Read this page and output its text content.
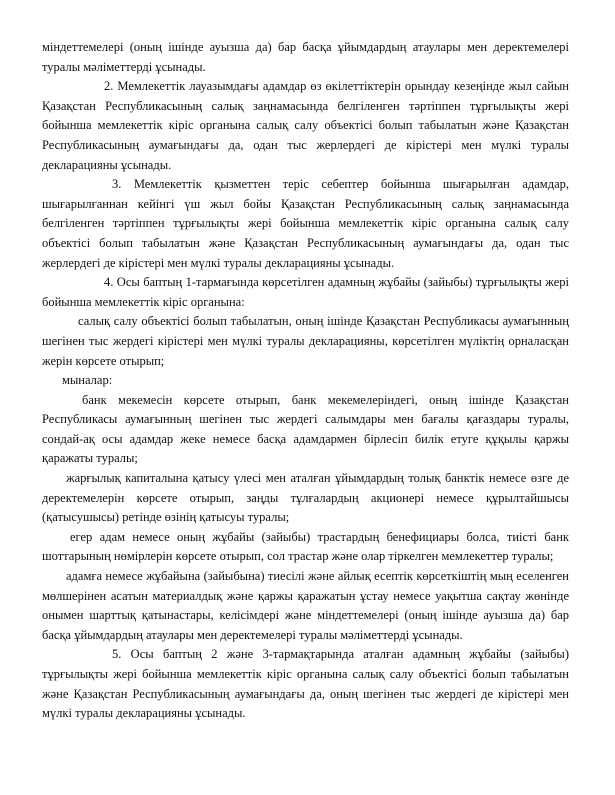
міндеттемелері (оның ішінде ауызша да) бар басқа ұйымдардың атаулары мен деректемелері туралы мәліметтерді ұсынады.

2. Мемлекеттік лауазымдағы адамдар өз өкілеттіктерін орындау кезеңінде жыл сайын Қазақстан Республикасының салық заңнамасында белгіленген тәртіппен тұрғылықты жері бойынша мемлекеттік кіріс органына салық салу объектісі болып табылатын және Қазақстан Республикасының аумағындағы да, одан тыс жерлердегі де кірістері мен мүлкі туралы декларацияны ұсынады.

3. Мемлекеттік қызметтен теріс себептер бойынша шығарылған адамдар, шығарылғаннан кейінгі үш жыл бойы Қазақстан Республикасының салық заңнамасында белгіленген тәртіппен тұрғылықты жері бойынша мемлекеттік кіріс органына салық салу объектісі болып табылатын және Қазақстан Республикасының аумағындағы да, одан тыс жерлердегі де кірістері мен мүлкі туралы декларацияны ұсынады.

4. Осы баптың 1-тармағында көрсетілген адамның жұбайы (зайыбы) тұрғылықты жері бойынша мемлекеттік кіріс органына:

салық салу объектісі болып табылатын, оның ішінде Қазақстан Республикасы аумағынның шегінен тыс жердегі кірістері мен мүлкі туралы декларацияны, көрсетілген мүліктің орналасқан жерін көрсете отырып;

мыналар:

банк мекемесін көрсете отырып, банк мекемелеріндегі, оның ішінде Қазақстан Республикасы аумағынның шегінен тыс жердегі салымдары мен бағалы қағаздары туралы, сондай-ақ осы адамдар жеке немесе басқа адамдармен бірлесіп билік етуге құқылы қаржы қаражаты туралы;

жарғылық капиталына қатысу үлесі мен аталған ұйымдардың толық банктік немесе өзге де деректемелерін көрсете отырып, заңды тұлғалардың акционері немесе құрылтайшысы (қатысушысы) ретінде өзінің қатысуы туралы;

егер адам немесе оның жұбайы (зайыбы) трастардың бенефициары болса, тиісті банк шоттарының нөмірлерін көрсете отырып, сол трастар және олар тіркелген мемлекеттер туралы;

адамға немесе жұбайына (зайыбына) тиесілі және айлық есептік көрсеткіштің мың еселенген мөлшерінен асатын материалдық және қаржы қаражатын ұстау немесе уақытша сақтау жөнінде онымен шарттық қатынастары, келісімдері және міндеттемелері (оның ішінде ауызша да) бар басқа ұйымдардың атаулары мен деректемелері туралы мәліметтерді ұсынады.

5. Осы баптың 2 және 3-тармақтарында аталған адамның жұбайы (зайыбы) тұрғылықты жері бойынша мемлекеттік кіріс органына салық салу объектісі болып табылатын және Қазақстан Республикасының аумағындағы да, оның шегінен тыс жердегі де кірістері мен мүлкі туралы декларацияны ұсынады.
